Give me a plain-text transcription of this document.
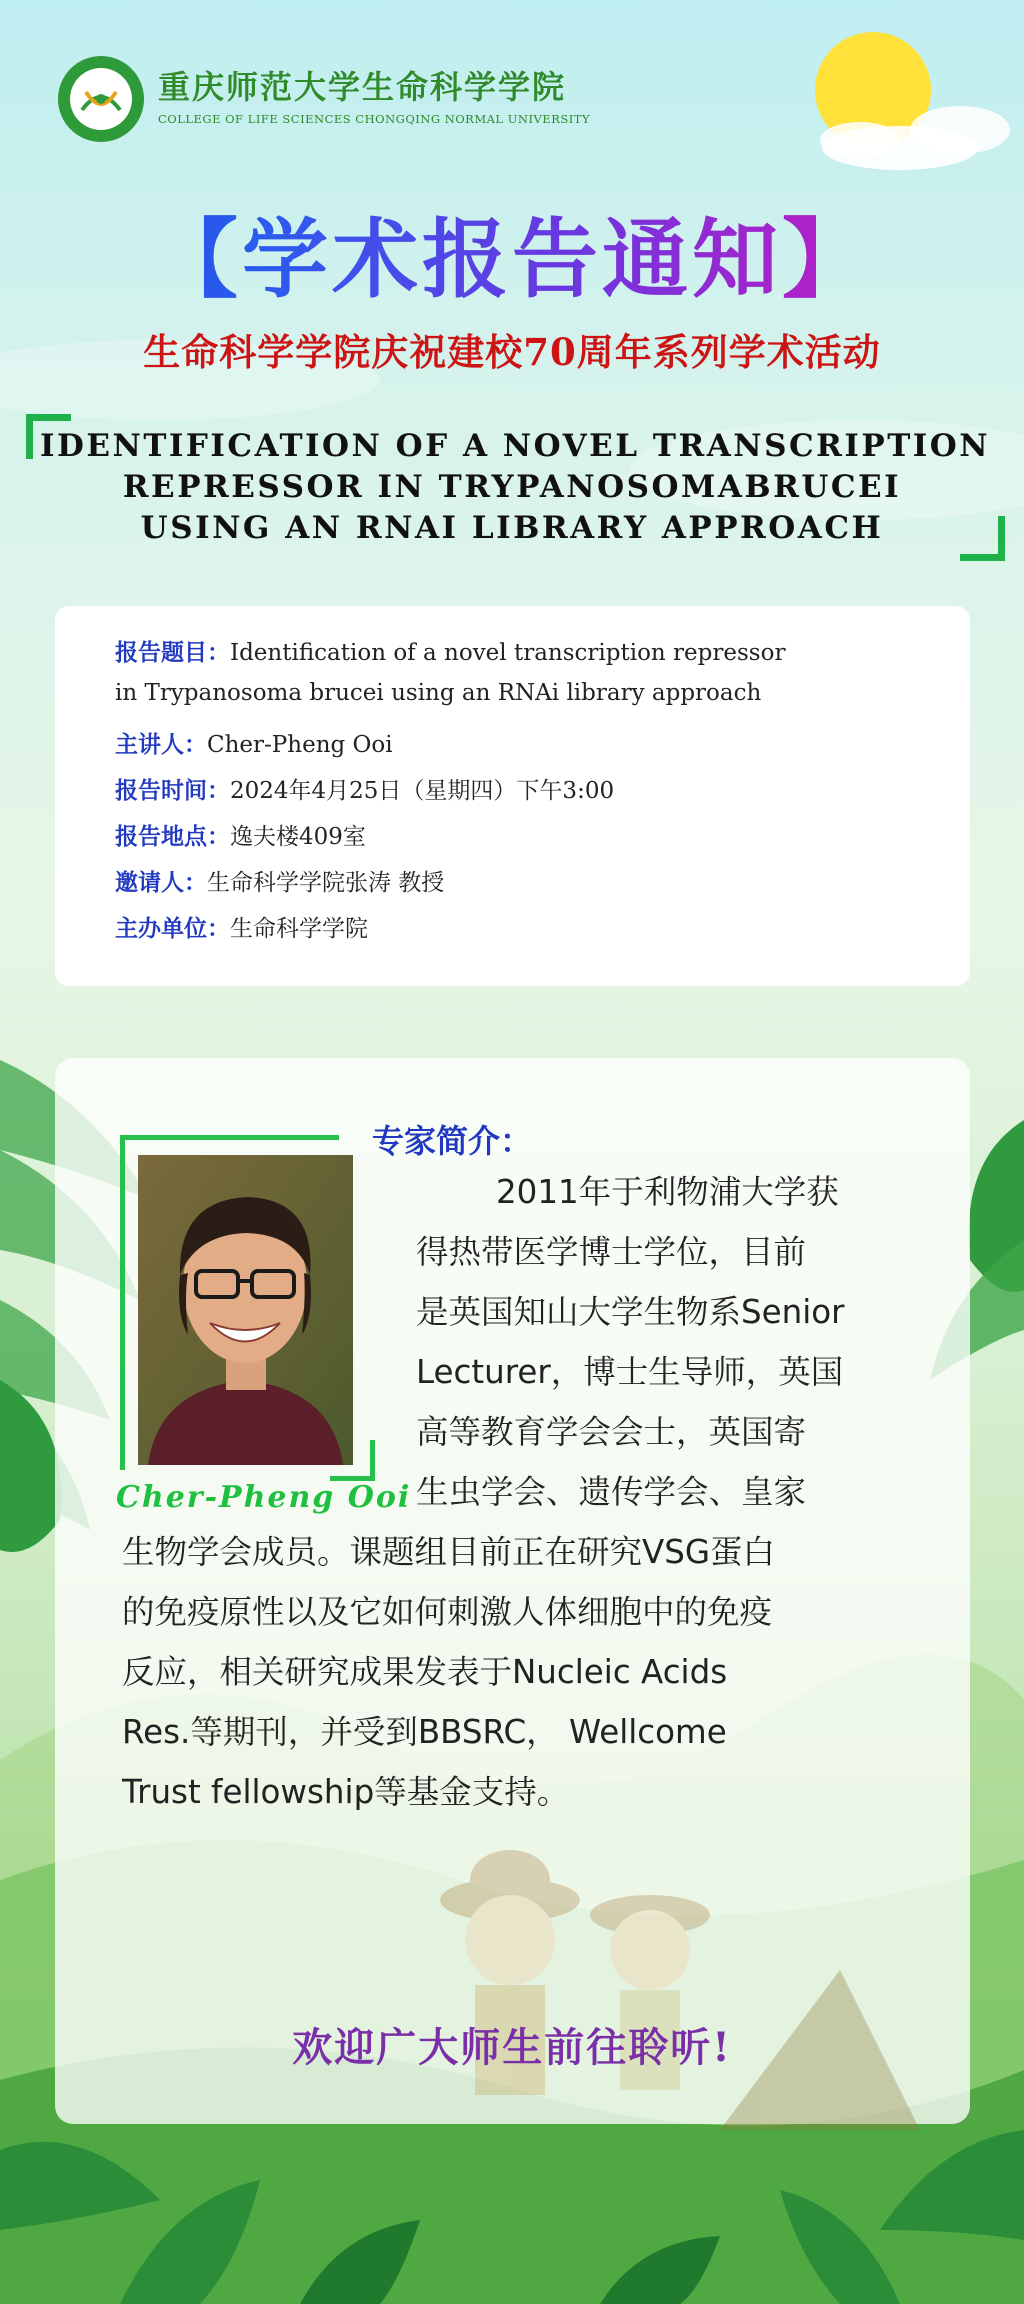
重庆师范大学生命科学学院
COLLEGE OF LIFE SCIENCES CHONGQING NORMAL UNIVERSITY
【学术报告通知】
生命科学学院庆祝建校70周年系列学术活动
IDENTIFICATION OF A NOVEL TRANSCRIPTION
REPRESSOR IN TRYPANOSOMABRUCEI
USING AN RNAI LIBRARY APPROACH
报告题目：Identification of a novel transcription repressor
in Trypanosoma brucei using an RNAi library approach
主讲人：Cher-Pheng Ooi
报告时间：2024年4月25日（星期四）下午3:00
报告地点：逸夫楼409室
邀请人：生命科学学院张涛 教授
主办单位：生命科学学院
专家简介：
Cher-Pheng Ooi
2011年于利物浦大学获
得热带医学博士学位，目前
是英国知山大学生物系Senior
Lecturer，博士生导师，英国
高等教育学会会士，英国寄
生虫学会、遗传学会、皇家
生物学会成员。课题组目前正在研究VSG蛋白
的免疫原性以及它如何刺激人体细胞中的免疫
反应，相关研究成果发表于Nucleic Acids
Res.等期刊，并受到BBSRC， Wellcome
Trust fellowship等基金支持。
欢迎广大师生前往聆听!
